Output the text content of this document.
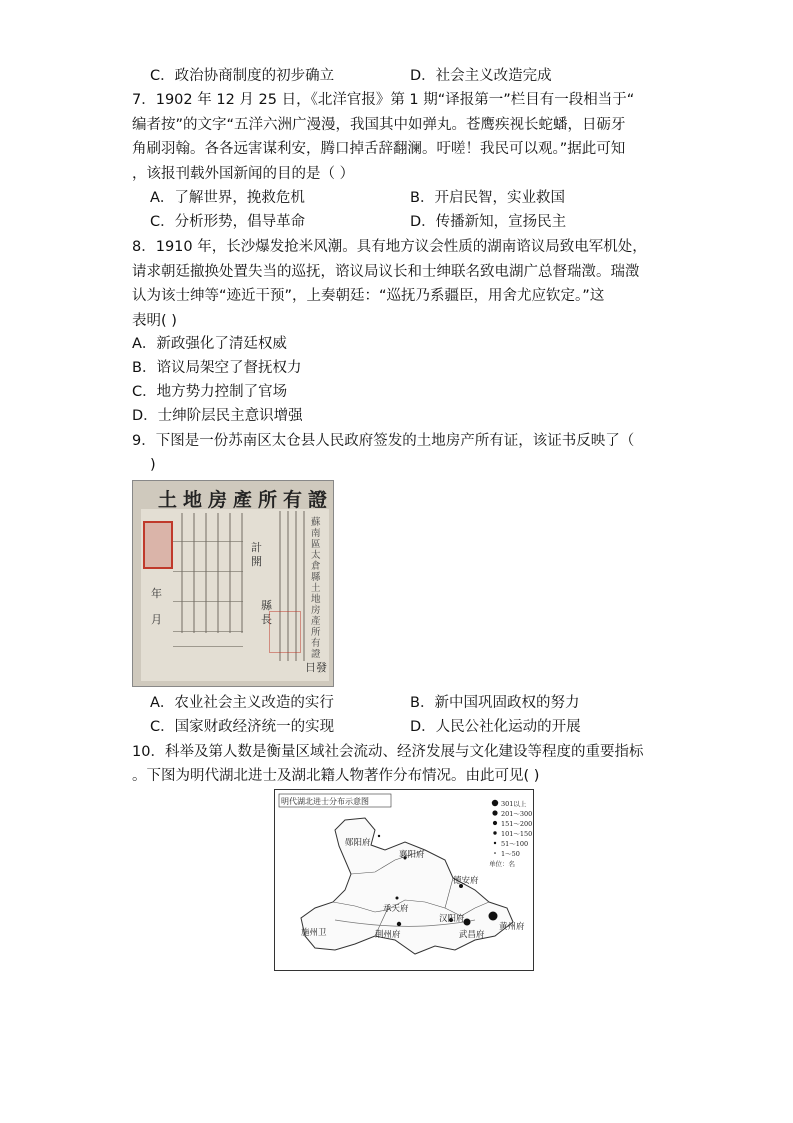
C．政治协商制度的初步确立	D．社会主义改造完成
7．1902 年 12 月 25 日，《北洋官报》第 1 期“译报第一”栏目有一段相当于“
编者按”的文字“五洋六洲广漫漫，我国其中如弹丸。苍鹰疾视长蛇蟠，日砺牙
角刷羽翰。各各远害谋利安，腾口掉舌辞翻澜。吁嗟！我民可以观。”据此可知
，该报刊载外国新闻的目的是（ ）
A．了解世界，挽救危机	B．开启民智，实业救国
C．分析形势，倡导革命	D．传播新知，宣扬民主
8．1910 年，长沙爆发抢米风潮。具有地方议会性质的湖南谘议局致电军机处，
请求朝廷撤换处置失当的巡抚，谘议局议长和士绅联名致电湖广总督瑞澂。瑞澂
认为该士绅等“迹近干预”，上奏朝廷：“巡抚乃系疆臣，用舍尤应钦定。”这
表明( )
A．新政强化了清廷权威
B．谘议局架空了督抚权力
C．地方势力控制了官场
D．士绅阶层民主意识增强
9．下图是一份苏南区太仓县人民政府签发的土地房产所有证，该证书反映了（
)
土地房產所有證
年
月
日發
計開
縣長
蘇南區太倉縣土地房產所有證
A．农业社会主义改造的实行	B．新中国巩固政权的努力
C．国家财政经济统一的实现	D．人民公社化运动的开展
10．科举及第人数是衡量区域社会流动、经济发展与文化建设等程度的重要指标
。下图为明代湖北进士及湖北籍人物著作分布情况。由此可见( )
明代湖北进士分布示意图	301以上
201～300
151～200
101～150
51～100
1～50
单位：名
郧阳府
襄阳府
德安府
承天府
汉阳府
武昌府
黄州府
施州卫	荆州府
